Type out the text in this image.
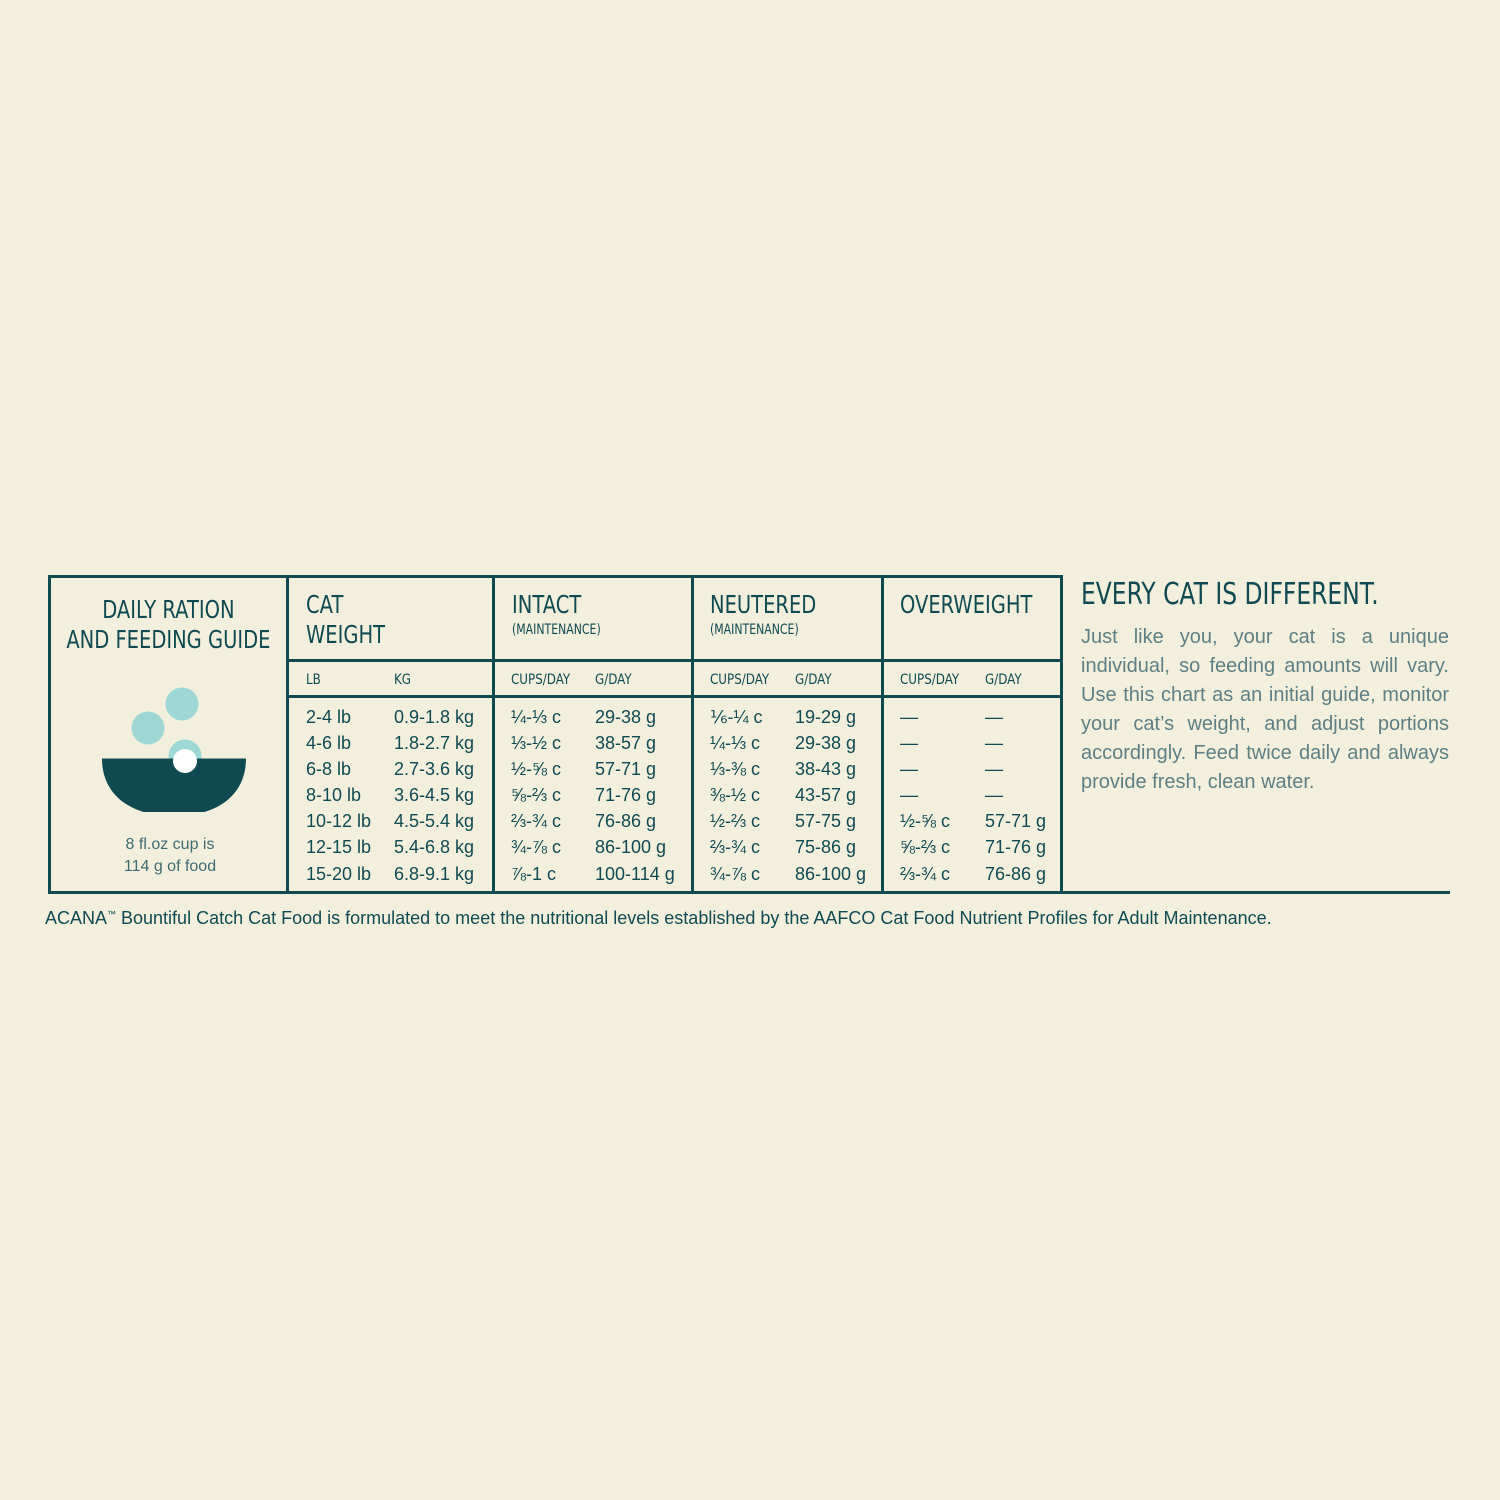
DAILY RATION
AND FEEDING GUIDE
8 fl.oz cup is
114 g of food
CAT
WEIGHT
LB	KG
2-4 lb
4-6 lb
6-8 lb
8-10 lb
10-12 lb
12-15 lb
15-20 lb
0.9-1.8 kg
1.8-2.7 kg
2.7-3.6 kg
3.6-4.5 kg
4.5-5.4 kg
5.4-6.8 kg
6.8-9.1 kg
INTACT
(MAINTENANCE)
CUPS/DAY G/DAY
¼-⅓ c
⅓-½ c
½-⅝ c
⅝-⅔ c
⅔-¾ c
¾-⅞ c
⅞-1 c
29-38 g
38-57 g
57-71 g
71-76 g
76-86 g
86-100 g
100-114 g
NEUTERED
(MAINTENANCE)
CUPS/DAY G/DAY
⅙-¼ c
¼-⅓ c
⅓-⅜ c
⅜-½ c
½-⅔ c
⅔-¾ c
¾-⅞ c
19-29 g
29-38 g
38-43 g
43-57 g
57-75 g
75-86 g
86-100 g
OVERWEIGHT
CUPS/DAY G/DAY
—
—
—
—
½-⅝ c
⅝-⅔ c
⅔-¾ c
—
—
—
—
57-71 g
71-76 g
76-86 g
EVERY CAT IS DIFFERENT.
Just like you, your cat is a unique individual, so feeding amounts will vary. Use this chart as an initial guide, monitor your cat’s weight, and adjust portions accordingly. Feed twice daily and always provide fresh, clean water.
ACANA™ Bountiful Catch Cat Food is formulated to meet the nutritional levels established by the AAFCO Cat Food Nutrient Profiles for Adult Maintenance.
